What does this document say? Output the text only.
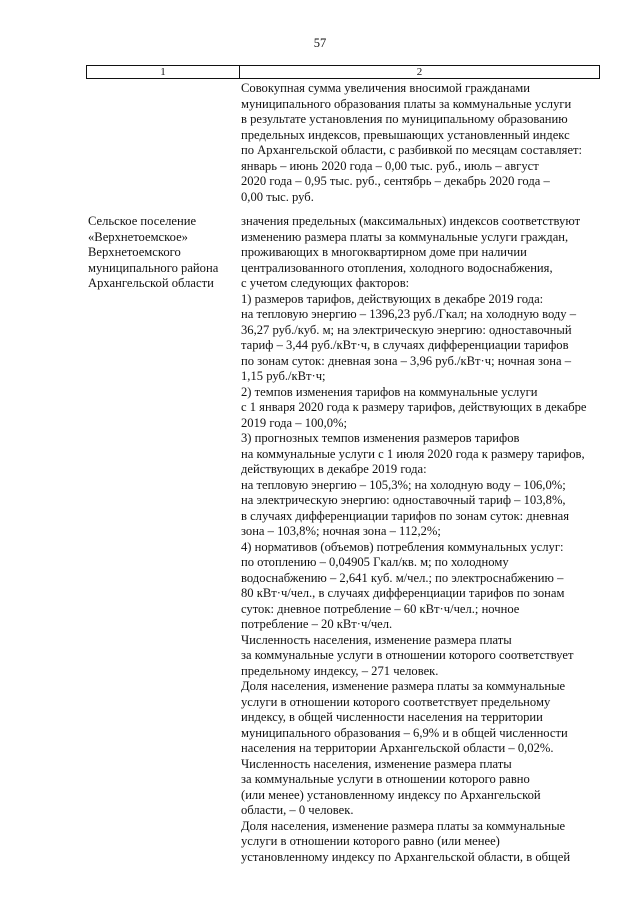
57
1	2
Совокупная сумма увеличения вносимой гражданами
муниципального образования платы за коммунальные услуги
в результате установления по муниципальному образованию
предельных индексов, превышающих установленный индекс
по Архангельской области, с разбивкой по месяцам составляет:
январь – июнь 2020 года – 0,00 тыс. руб., июль – август
2020 года – 0,95 тыс. руб., сентябрь – декабрь 2020 года –
0,00 тыс. руб.
Сельское поселение
«Верхнетоемское»
Верхнетоемского
муниципального района
Архангельской области
значения предельных (максимальных) индексов соответствуют
изменению размера платы за коммунальные услуги граждан,
проживающих в многоквартирном доме при наличии
централизованного отопления, холодного водоснабжения,
с учетом следующих факторов:
1) размеров тарифов, действующих в декабре 2019 года:
на тепловую энергию – 1396,23 руб./Гкал; на холодную воду –
36,27 руб./куб. м; на электрическую энергию: одноставочный
тариф – 3,44 руб./кВт·ч, в случаях дифференциации тарифов
по зонам суток: дневная зона – 3,96 руб./кВт·ч; ночная зона –
1,15 руб./кВт·ч;
2) темпов изменения тарифов на коммунальные услуги
с 1 января 2020 года к размеру тарифов, действующих в декабре
2019 года – 100,0%;
3) прогнозных темпов изменения размеров тарифов
на коммунальные услуги с 1 июля 2020 года к размеру тарифов,
действующих в декабре 2019 года:
на тепловую энергию – 105,3%; на холодную воду – 106,0%;
на электрическую энергию: одноставочный тариф – 103,8%,
в случаях дифференциации тарифов по зонам суток: дневная
зона – 103,8%; ночная зона – 112,2%;
4) нормативов (объемов) потребления коммунальных услуг:
по отоплению – 0,04905 Гкал/кв. м; по холодному
водоснабжению – 2,641 куб. м/чел.; по электроснабжению –
80 кВт·ч/чел., в случаях дифференциации тарифов по зонам
суток: дневное потребление – 60 кВт·ч/чел.; ночное
потребление – 20 кВт·ч/чел.
Численность населения, изменение размера платы
за коммунальные услуги в отношении которого соответствует
предельному индексу, – 271 человек.
Доля населения, изменение размера платы за коммунальные
услуги в отношении которого соответствует предельному
индексу, в общей численности населения на территории
муниципального образования – 6,9% и в общей численности
населения на территории Архангельской области – 0,02%.
Численность населения, изменение размера платы
за коммунальные услуги в отношении которого равно
(или менее) установленному индексу по Архангельской
области, – 0 человек.
Доля населения, изменение размера платы за коммунальные
услуги в отношении которого равно (или менее)
установленному индексу по Архангельской области, в общей
